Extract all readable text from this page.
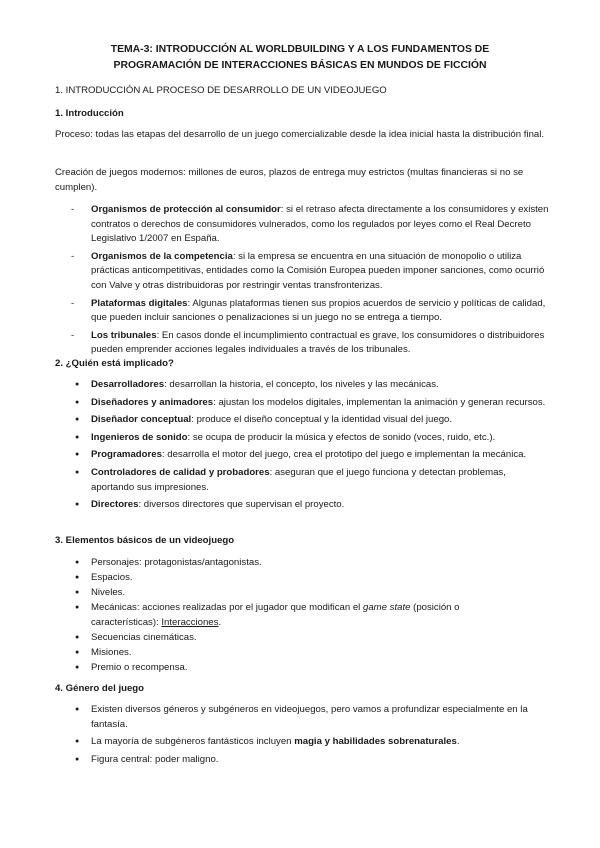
TEMA-3: INTRODUCCIÓN AL WORLDBUILDING Y A LOS FUNDAMENTOS DE
PROGRAMACIÓN DE INTERACCIONES BÁSICAS EN MUNDOS DE FICCIÓN
1. INTRODUCCIÓN AL PROCESO DE DESARROLLO DE UN VIDEOJUEGO
1. Introducción
Proceso: todas las etapas del desarrollo de un juego comercializable desde la idea inicial hasta la distribución final.
Creación de juegos modernos: millones de euros, plazos de entrega muy estrictos (multas financieras si no se cumplen).
- Organismos de protección al consumidor: si el retraso afecta directamente a los consumidores y existen contratos o derechos de consumidores vulnerados, como los regulados por leyes como el Real Decreto Legislativo 1/2007 en España.
- Organismos de la competencia: si la empresa se encuentra en una situación de monopolio o utiliza prácticas anticompetitivas, entidades como la Comisión Europea pueden imponer sanciones, como ocurrió con Valve y otras distribuidoras por restringir ventas transfronterizas.
- Plataformas digitales: Algunas plataformas tienen sus propios acuerdos de servicio y políticas de calidad, que pueden incluir sanciones o penalizaciones si un juego no se entrega a tiempo.
- Los tribunales: En casos donde el incumplimiento contractual es grave, los consumidores o distribuidores pueden emprender acciones legales individuales a través de los tribunales.
2. ¿Quién está implicado?
● Desarrolladores: desarrollan la historia, el concepto, los niveles y las mecánicas.
● Diseñadores y animadores: ajustan los modelos digitales, implementan la animación y generan recursos.
● Diseñador conceptual: produce el diseño conceptual y la identidad visual del juego.
● Ingenieros de sonido: se ocupa de producir la música y efectos de sonido (voces, ruido, etc.).
● Programadores: desarrolla el motor del juego, crea el prototipo del juego e implementan la mecánica.
● Controladores de calidad y probadores: aseguran que el juego funciona y detectan problemas, aportando sus impresiones.
● Directores: diversos directores que supervisan el proyecto.
3. Elementos básicos de un videojuego
● Personajes: protagonistas/antagonistas.
● Espacios.
● Niveles.
● Mecánicas: acciones realizadas por el jugador que modifican el game state (posición o características): Interacciones.
● Secuencias cinemáticas.
● Misiones.
● Premio o recompensa.
4. Género del juego
● Existen diversos géneros y subgéneros en videojuegos, pero vamos a profundizar especialmente en la fantasía.
● La mayoría de subgéneros fantásticos incluyen magia y habilidades sobrenaturales.
● Figura central: poder maligno.
